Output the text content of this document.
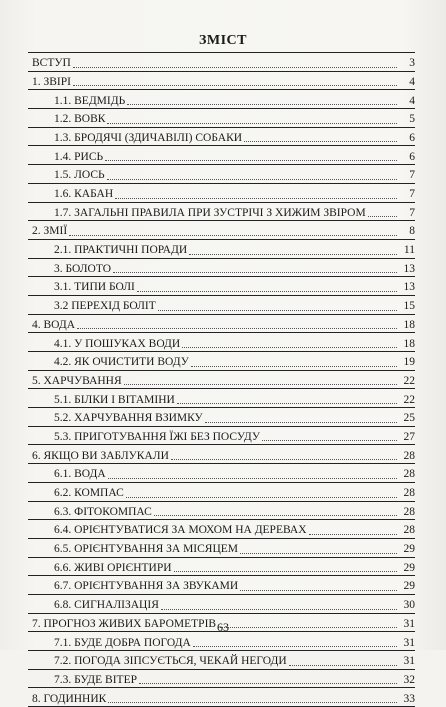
ЗМІСТ
ВСТУП	3
1. ЗВІРІ	4
1.1. ВЕДМІДЬ	4
1.2. ВОВК	5
1.3. БРОДЯЧІ (ЗДИЧАВІЛІ) СОБАКИ	6
1.4. РИСЬ	6
1.5. ЛОСЬ	7
1.6. КАБАН	7
1.7. ЗАГАЛЬНІ ПРАВИЛА ПРИ ЗУСТРІЧІ З ХИЖИМ ЗВІРОМ	7
2. ЗМІЇ	8
2.1. ПРАКТИЧНІ ПОРАДИ	11
3. БОЛОТО	13
3.1. ТИПИ БОЛІ	13
3.2 ПЕРЕХІД БОЛІТ	15
4. ВОДА	18
4.1. У ПОШУКАХ ВОДИ	18
4.2. ЯК ОЧИСТИТИ ВОДУ	19
5. ХАРЧУВАННЯ	22
5.1. БІЛКИ І ВІТАМІНИ	22
5.2. ХАРЧУВАННЯ ВЗИМКУ	25
5.3. ПРИГОТУВАННЯ ЇЖІ БЕЗ ПОСУДУ	27
6. ЯКЩО ВИ ЗАБЛУКАЛИ	28
6.1. ВОДА	28
6.2. КОМПАС	28
6.3. ФІТОКОМПАС	28
6.4. ОРІЄНТУВАТИСЯ ЗА МОХОМ НА ДЕРЕВАХ	28
6.5. ОРІЄНТУВАННЯ ЗА МІСЯЦЕМ	29
6.6. ЖИВІ ОРІЄНТИРИ	29
6.7. ОРІЄНТУВАННЯ ЗА ЗВУКАМИ	29
6.8. СИГНАЛІЗАЦІЯ	30
7. ПРОГНОЗ ЖИВИХ БАРОМЕТРІВ	31
7.1. БУДЕ ДОБРА ПОГОДА	31
7.2. ПОГОДА ЗІПСУЄТЬСЯ, ЧЕКАЙ НЕГОДИ	31
7.3. БУДЕ ВІТЕР	32
8. ГОДИННИК	33
63
